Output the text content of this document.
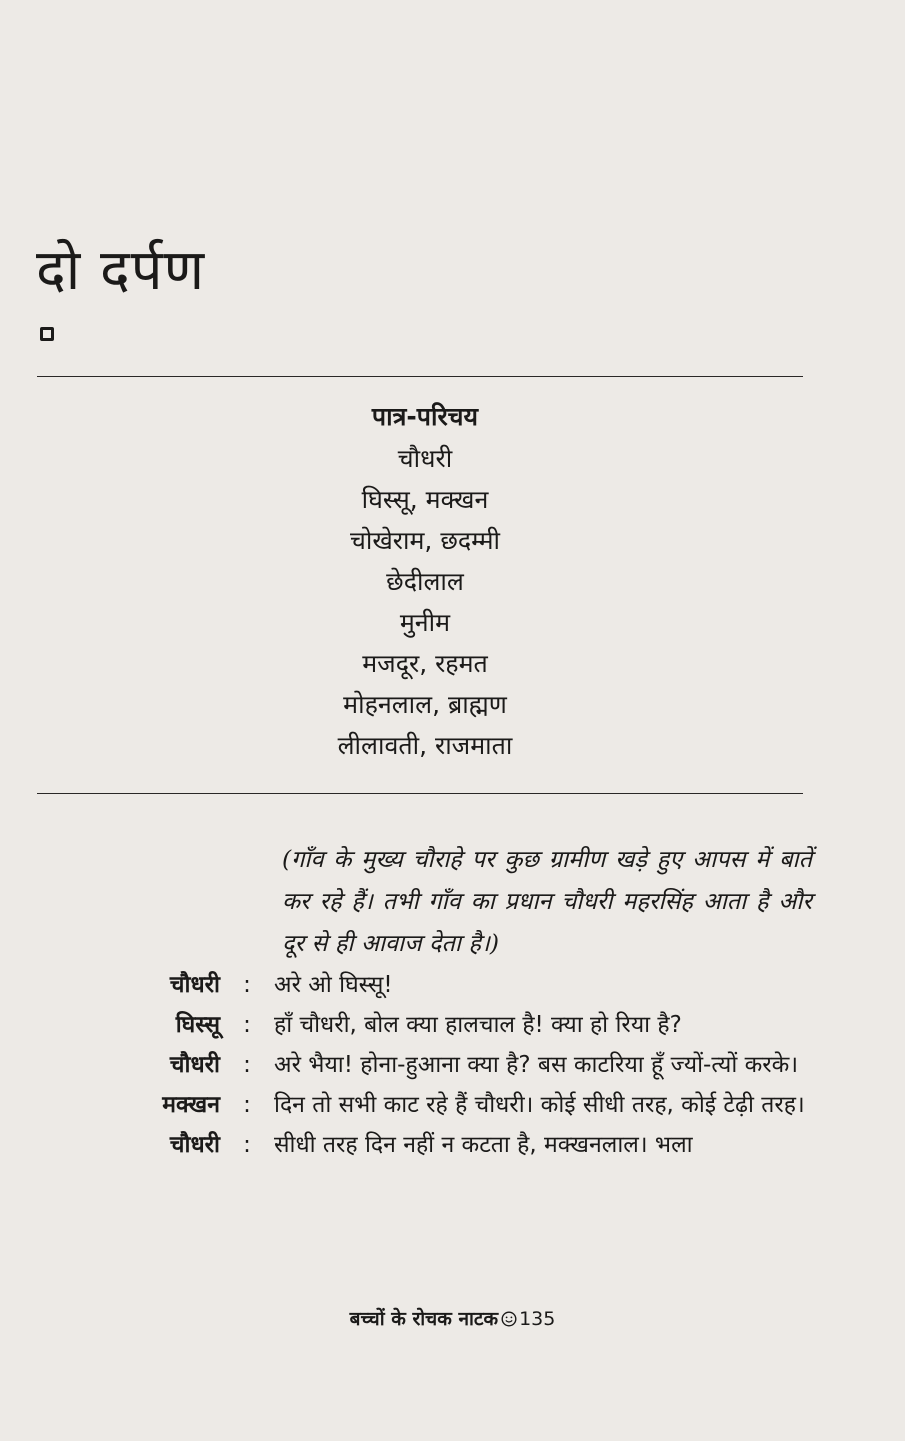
दो दर्पण
पात्र-परिचय
चौधरी
घिस्सू, मक्खन
चोखेराम, छदम्मी
छेदीलाल
मुनीम
मजदूर, रहमत
मोहनलाल, ब्राह्मण
लीलावती, राजमाता
(गाँव के मुख्य चौराहे पर कुछ ग्रामीण खड़े हुए आपस में बातें कर रहे हैं। तभी गाँव का प्रधान चौधरी महरसिंह आता है और दूर से ही आवाज देता है।)
चौधरी	:	अरे ओ घिस्सू!
घिस्सू	:	हाँ चौधरी, बोल क्या हालचाल है! क्या हो रिया है?
चौधरी	:	अरे भैया! होना-हुआना क्या है? बस काटरिया हूँ ज्यों-त्यों करके।
मक्खन	:	दिन तो सभी काट रहे हैं चौधरी। कोई सीधी तरह, कोई टेढ़ी तरह।
चौधरी	:	सीधी तरह दिन नहीं न कटता है, मक्खनलाल। भला
बच्चों के रोचक नाटक 135
